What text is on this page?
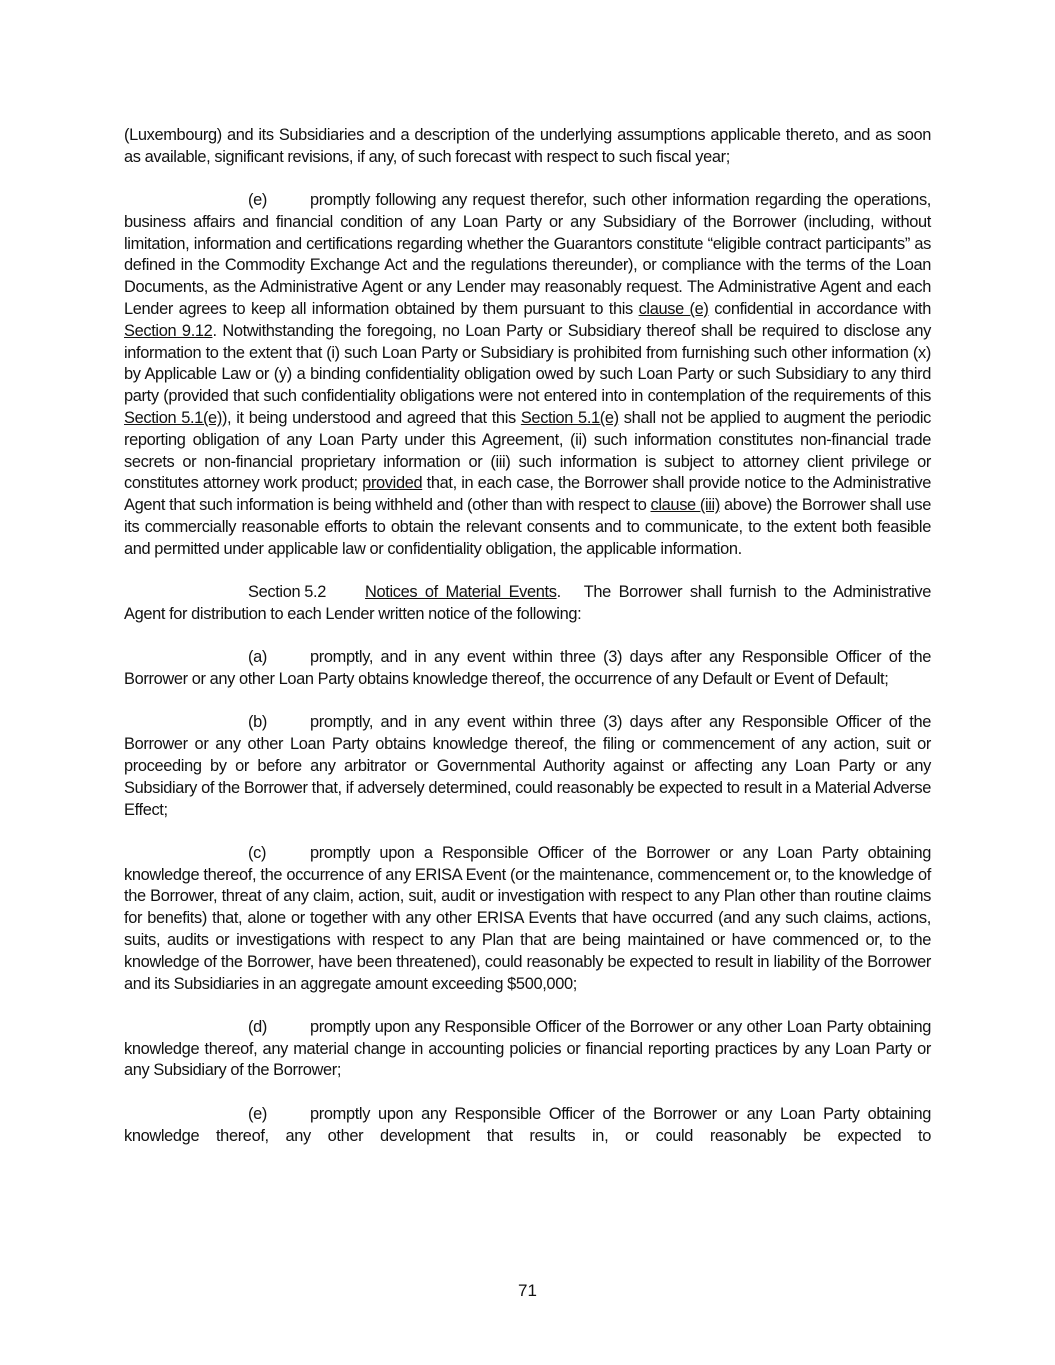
(Luxembourg) and its Subsidiaries and a description of the underlying assumptions applicable thereto, and as soon as available, significant revisions, if any, of such forecast with respect to such fiscal year;

(e)	promptly following any request therefor, such other information regarding the operations, business affairs and financial condition of any Loan Party or any Subsidiary of the Borrower (including, without limitation, information and certifications regarding whether the Guarantors constitute “eligible contract participants” as defined in the Commodity Exchange Act and the regulations thereunder), or compliance with the terms of the Loan Documents, as the Administrative Agent or any Lender may reasonably request. The Administrative Agent and each Lender agrees to keep all information obtained by them pursuant to this clause (e) confidential in accordance with Section 9.12. Notwithstanding the foregoing, no Loan Party or Subsidiary thereof shall be required to disclose any information to the extent that (i) such Loan Party or Subsidiary is prohibited from furnishing such other information (x) by Applicable Law or (y) a binding confidentiality obligation owed by such Loan Party or such Subsidiary to any third party (provided that such confidentiality obligations were not entered into in contemplation of the requirements of this Section 5.1(e)), it being understood and agreed that this Section 5.1(e) shall not be applied to augment the periodic reporting obligation of any Loan Party under this Agreement, (ii) such information constitutes non-financial trade secrets or non-financial proprietary information or (iii) such information is subject to attorney client privilege or constitutes attorney work product; provided that, in each case, the Borrower shall provide notice to the Administrative Agent that such information is being withheld and (other than with respect to clause (iii) above) the Borrower shall use its commercially reasonable efforts to obtain the relevant consents and to communicate, to the extent both feasible and permitted under applicable law or confidentiality obligation, the applicable information.

Section 5.2 Notices of Material Events. The Borrower shall furnish to the Administrative Agent for distribution to each Lender written notice of the following:

(a)	promptly, and in any event within three (3) days after any Responsible Officer of the Borrower or any other Loan Party obtains knowledge thereof, the occurrence of any Default or Event of Default;

(b)	promptly, and in any event within three (3) days after any Responsible Officer of the Borrower or any other Loan Party obtains knowledge thereof, the filing or commencement of any action, suit or proceeding by or before any arbitrator or Governmental Authority against or affecting any Loan Party or any Subsidiary of the Borrower that, if adversely determined, could reasonably be expected to result in a Material Adverse Effect;

(c)	promptly upon a Responsible Officer of the Borrower or any Loan Party obtaining knowledge thereof, the occurrence of any ERISA Event (or the maintenance, commencement or, to the knowledge of the Borrower, threat of any claim, action, suit, audit or investigation with respect to any Plan other than routine claims for benefits) that, alone or together with any other ERISA Events that have occurred (and any such claims, actions, suits, audits or investigations with respect to any Plan that are being maintained or have commenced or, to the knowledge of the Borrower, have been threatened), could reasonably be expected to result in liability of the Borrower and its Subsidiaries in an aggregate amount exceeding $500,000;

(d)	promptly upon any Responsible Officer of the Borrower or any other Loan Party obtaining knowledge thereof, any material change in accounting policies or financial reporting practices by any Loan Party or any Subsidiary of the Borrower;

(e)	promptly upon any Responsible Officer of the Borrower or any Loan Party obtaining knowledge thereof, any other development that results in, or could reasonably be expected to

71
